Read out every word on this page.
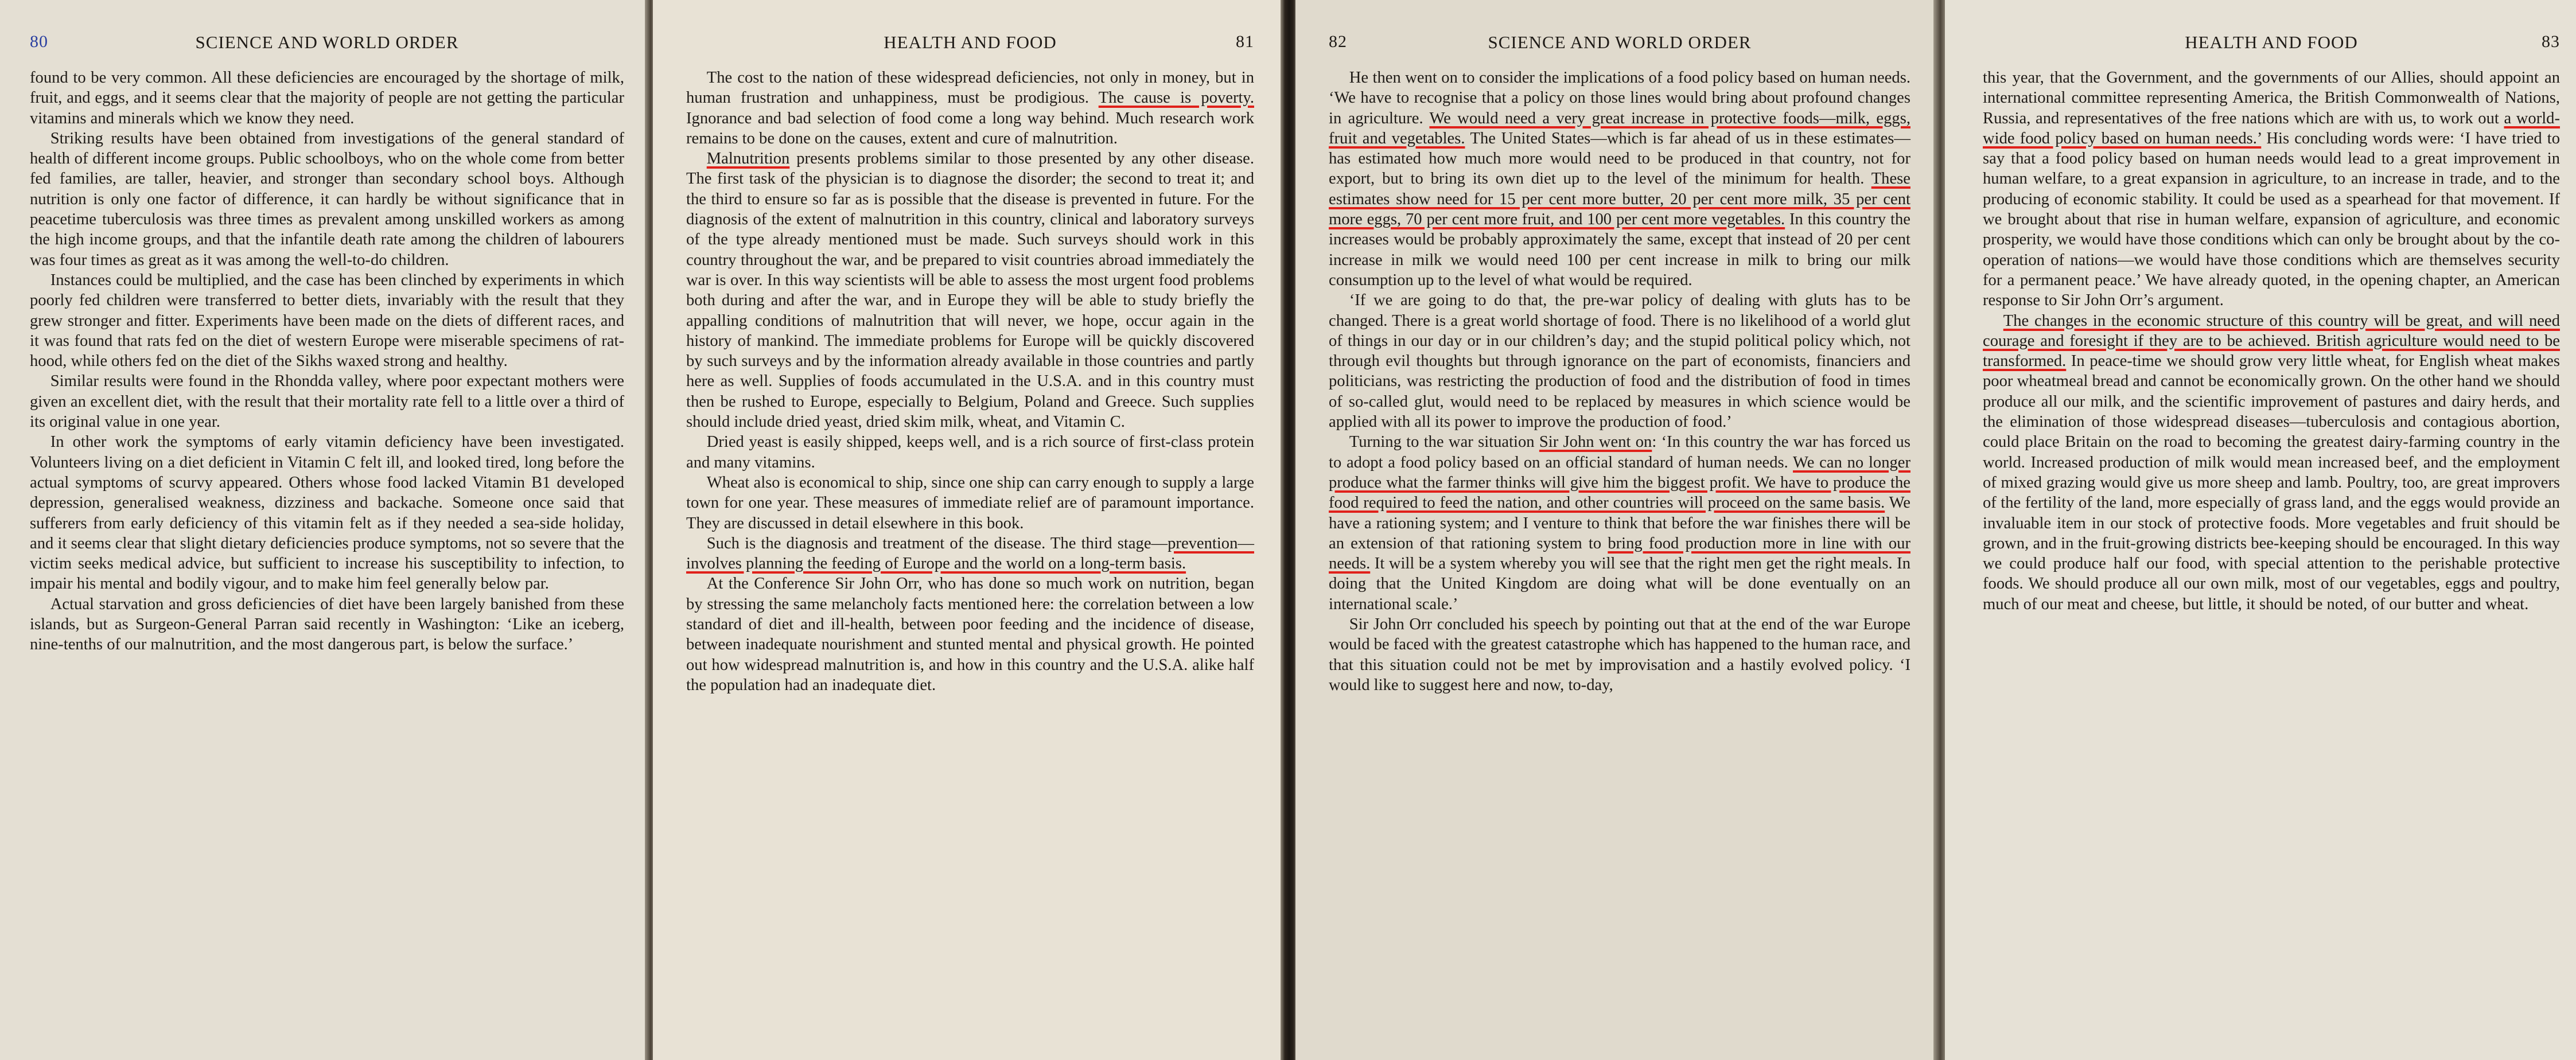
80	SCIENCE AND WORLD ORDER

found to be very common. All these deficiencies are encouraged by the shortage of milk, fruit, and eggs, and it seems clear that the majority of people are not getting the particular vitamins and minerals which we know they need.

Striking results have been obtained from investigations of the general standard of health of different income groups. Public schoolboys, who on the whole come from better fed families, are taller, heavier, and stronger than secondary school boys. Although nutrition is only one factor of difference, it can hardly be without significance that in peacetime tuberculosis was three times as prevalent among unskilled workers as among the high income groups, and that the infantile death rate among the children of labourers was four times as great as it was among the well-to-do children.

Instances could be multiplied, and the case has been clinched by experiments in which poorly fed children were transferred to better diets, invariably with the result that they grew stronger and fitter. Experiments have been made on the diets of different races, and it was found that rats fed on the diet of western Europe were miserable specimens of rat-hood, while others fed on the diet of the Sikhs waxed strong and healthy.

Similar results were found in the Rhondda valley, where poor expectant mothers were given an excellent diet, with the result that their mortality rate fell to a little over a third of its original value in one year.

In other work the symptoms of early vitamin deficiency have been investigated. Volunteers living on a diet deficient in Vitamin C felt ill, and looked tired, long before the actual symptoms of scurvy appeared. Others whose food lacked Vitamin B1 developed depression, generalised weakness, dizziness and backache. Someone once said that sufferers from early deficiency of this vitamin felt as if they needed a sea-side holiday, and it seems clear that slight dietary deficiencies produce symptoms, not so severe that the victim seeks medical advice, but sufficient to increase his susceptibility to infection, to impair his mental and bodily vigour, and to make him feel generally below par.

Actual starvation and gross deficiencies of diet have been largely banished from these islands, but as Surgeon-General Parran said recently in Washington: ‘Like an iceberg, nine-tenths of our malnutrition, and the most dangerous part, is below the surface.’

HEALTH AND FOOD	81

The cost to the nation of these widespread deficiencies, not only in money, but in human frustration and unhappiness, must be prodigious. The cause is poverty. Ignorance and bad selection of food come a long way behind. Much research work remains to be done on the causes, extent and cure of malnutrition.

Malnutrition presents problems similar to those presented by any other disease. The first task of the physician is to diagnose the disorder; the second to treat it; and the third to ensure so far as is possible that the disease is prevented in future. For the diagnosis of the extent of malnutrition in this country, clinical and laboratory surveys of the type already mentioned must be made. Such surveys should work in this country throughout the war, and be prepared to visit countries abroad immediately the war is over. In this way scientists will be able to assess the most urgent food problems both during and after the war, and in Europe they will be able to study briefly the appalling conditions of malnutrition that will never, we hope, occur again in the history of mankind. The immediate problems for Europe will be quickly discovered by such surveys and by the information already available in those countries and partly here as well. Supplies of foods accumulated in the U.S.A. and in this country must then be rushed to Europe, especially to Belgium, Poland and Greece. Such supplies should include dried yeast, dried skim milk, wheat, and Vitamin C.

Dried yeast is easily shipped, keeps well, and is a rich source of first-class protein and many vitamins.

Wheat also is economical to ship, since one ship can carry enough to supply a large town for one year. These measures of immediate relief are of paramount importance. They are discussed in detail elsewhere in this book.

Such is the diagnosis and treatment of the disease. The third stage—prevention—involves planning the feeding of Europe and the world on a long-term basis.

At the Conference Sir John Orr, who has done so much work on nutrition, began by stressing the same melancholy facts mentioned here: the correlation between a low standard of diet and ill-health, between poor feeding and the incidence of disease, between inadequate nourishment and stunted mental and physical growth. He pointed out how widespread malnutrition is, and how in this country and the U.S.A. alike half the population had an inadequate diet.

82	SCIENCE AND WORLD ORDER

He then went on to consider the implications of a food policy based on human needs. ‘We have to recognise that a policy on those lines would bring about profound changes in agriculture. We would need a very great increase in protective foods—milk, eggs, fruit and vegetables. The United States—which is far ahead of us in these estimates—has estimated how much more would need to be produced in that country, not for export, but to bring its own diet up to the level of the minimum for health. These estimates show need for 15 per cent more butter, 20 per cent more milk, 35 per cent more eggs, 70 per cent more fruit, and 100 per cent more vegetables. In this country the increases would be probably approximately the same, except that instead of 20 per cent increase in milk we would need 100 per cent increase in milk to bring our milk consumption up to the level of what would be required.

‘If we are going to do that, the pre-war policy of dealing with gluts has to be changed. There is a great world shortage of food. There is no likelihood of a world glut of things in our day or in our children’s day; and the stupid political policy which, not through evil thoughts but through ignorance on the part of economists, financiers and politicians, was restricting the production of food and the distribution of food in times of so-called glut, would need to be replaced by measures in which science would be applied with all its power to improve the production of food.’

Turning to the war situation Sir John went on: ‘In this country the war has forced us to adopt a food policy based on an official standard of human needs. We can no longer produce what the farmer thinks will give him the biggest profit. We have to produce the food required to feed the nation, and other countries will proceed on the same basis. We have a rationing system; and I venture to think that before the war finishes there will be an extension of that rationing system to bring food production more in line with our needs. It will be a system whereby you will see that the right men get the right meals. In doing that the United Kingdom are doing what will be done eventually on an international scale.’

Sir John Orr concluded his speech by pointing out that at the end of the war Europe would be faced with the greatest catastrophe which has happened to the human race, and that this situation could not be met by improvisation and a hastily evolved policy. ‘I would like to suggest here and now, to-day,

HEALTH AND FOOD	83

this year, that the Government, and the governments of our Allies, should appoint an international committee representing America, the British Commonwealth of Nations, Russia, and representatives of the free nations which are with us, to work out a world-wide food policy based on human needs.’ His concluding words were: ‘I have tried to say that a food policy based on human needs would lead to a great improvement in human welfare, to a great expansion in agriculture, to an increase in trade, and to the producing of economic stability. It could be used as a spearhead for that movement. If we brought about that rise in human welfare, expansion of agriculture, and economic prosperity, we would have those conditions which can only be brought about by the co-operation of nations—we would have those conditions which are themselves security for a permanent peace.’ We have already quoted, in the opening chapter, an American response to Sir John Orr’s argument.

The changes in the economic structure of this country will be great, and will need courage and foresight if they are to be achieved. British agriculture would need to be transformed. In peace-time we should grow very little wheat, for English wheat makes poor wheatmeal bread and cannot be economically grown. On the other hand we should produce all our milk, and the scientific improvement of pastures and dairy herds, and the elimination of those widespread diseases—tuberculosis and contagious abortion, could place Britain on the road to becoming the greatest dairy-farming country in the world. Increased production of milk would mean increased beef, and the employment of mixed grazing would give us more sheep and lamb. Poultry, too, are great improvers of the fertility of the land, more especially of grass land, and the eggs would provide an invaluable item in our stock of protective foods. More vegetables and fruit should be grown, and in the fruit-growing districts bee-keeping should be encouraged. In this way we could produce half our food, with special attention to the perishable protective foods. We should produce all our own milk, most of our vegetables, eggs and poultry, much of our meat and cheese, but little, it should be noted, of our butter and wheat.
